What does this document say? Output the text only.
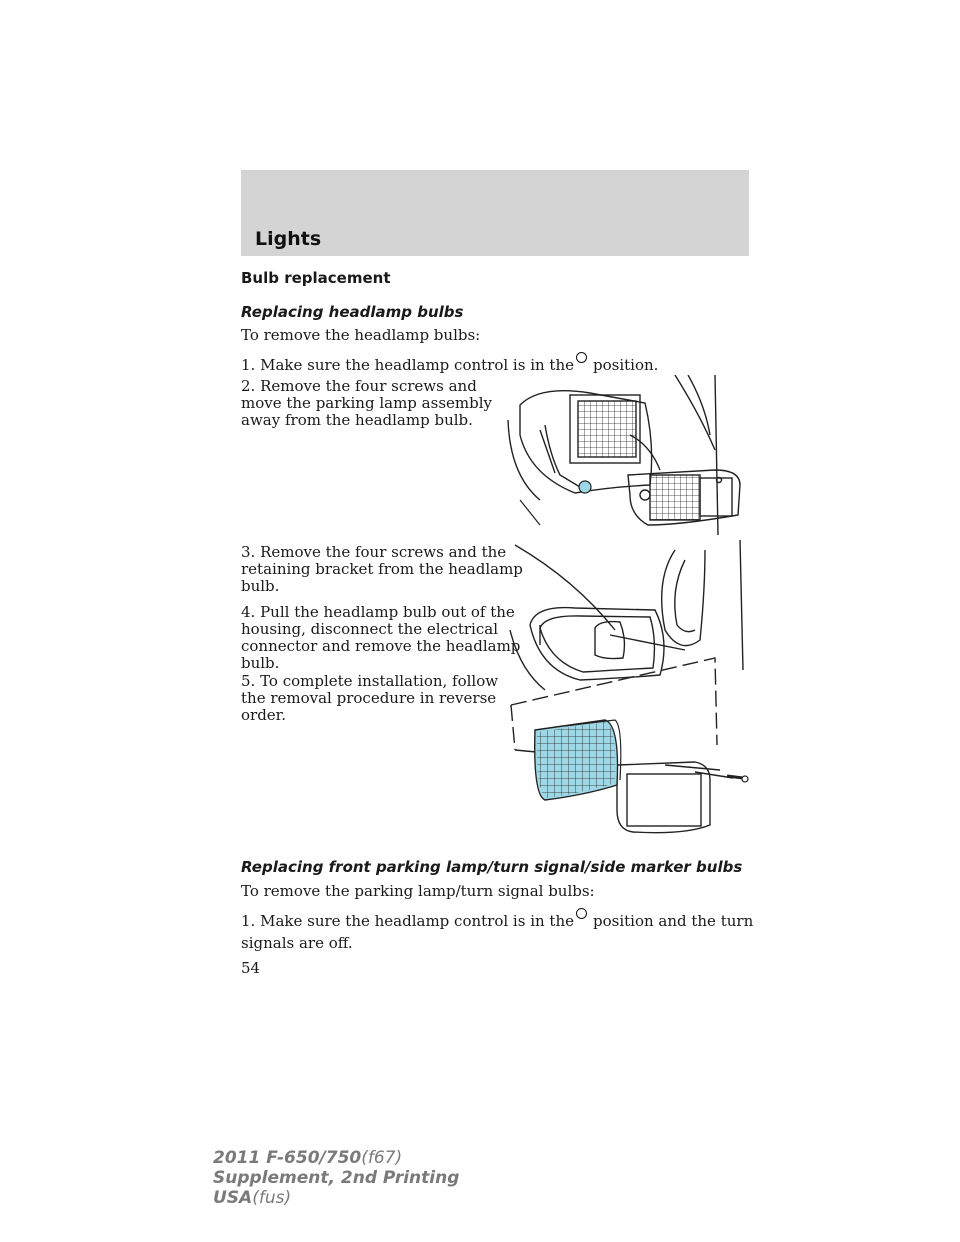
Lights
Bulb replacement
Replacing headlamp bulbs
To remove the headlamp bulbs:
1. Make sure the headlamp control is in the position.
2. Remove the four screws and
move the parking lamp assembly
away from the headlamp bulb.
3. Remove the four screws and the
retaining bracket from the headlamp
bulb.
4. Pull the headlamp bulb out of the
housing, disconnect the electrical
connector and remove the headlamp
bulb.
5. To complete installation, follow
the removal procedure in reverse
order.
Replacing front parking lamp/turn signal/side marker bulbs
To remove the parking lamp/turn signal bulbs:
1. Make sure the headlamp control is in the position and the turn
signals are off.
54
2011 F-650/750(f67)
Supplement, 2nd Printing
USA(fus)
